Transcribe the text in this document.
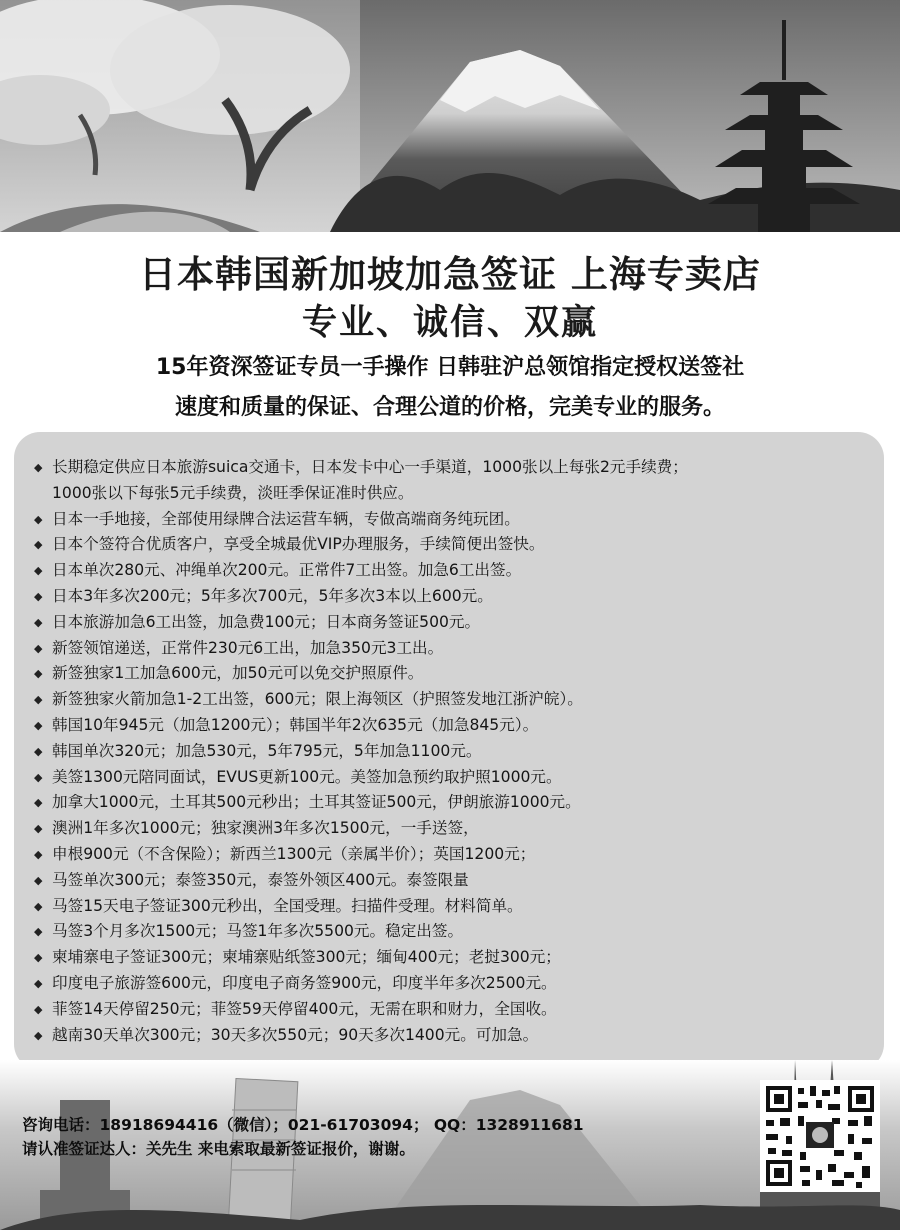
日本韩国新加坡加急签证 上海专卖店
专业、诚信、双赢
15年资深签证专员一手操作 日韩驻沪总领馆指定授权送签社
速度和质量的保证、合理公道的价格，完美专业的服务。
◆ 长期稳定供应日本旅游suica交通卡，日本发卡中心一手渠道，1000张以上每张2元手续费；
1000张以下每张5元手续费，淡旺季保证准时供应。
◆ 日本一手地接，全部使用绿牌合法运营车辆，专做高端商务纯玩团。
◆ 日本个签符合优质客户，享受全城最优VIP办理服务，手续简便出签快。
◆ 日本单次280元、冲绳单次200元。正常件7工出签。加急6工出签。
◆ 日本3年多次200元；5年多次700元，5年多次3本以上600元。
◆ 日本旅游加急6工出签，加急费100元；日本商务签证500元。
◆ 新签领馆递送，正常件230元6工出，加急350元3工出。
◆ 新签独家1工加急600元，加50元可以免交护照原件。
◆ 新签独家火箭加急1-2工出签，600元；限上海领区（护照签发地江浙沪皖）。
◆ 韩国10年945元（加急1200元）；韩国半年2次635元（加急845元）。
◆ 韩国单次320元；加急530元，5年795元，5年加急1100元。
◆ 美签1300元陪同面试，EVUS更新100元。美签加急预约取护照1000元。
◆ 加拿大1000元，土耳其500元秒出；土耳其签证500元，伊朗旅游1000元。
◆ 澳洲1年多次1000元；独家澳洲3年多次1500元，一手送签，
◆ 申根900元（不含保险）；新西兰1300元（亲属半价）；英国1200元；
◆ 马签单次300元；泰签350元，泰签外领区400元。泰签限量
◆ 马签15天电子签证300元秒出，全国受理。扫描件受理。材料简单。
◆ 马签3个月多次1500元；马签1年多次5500元。稳定出签。
◆ 柬埔寨电子签证300元；柬埔寨贴纸签300元；缅甸400元；老挝300元；
◆ 印度电子旅游签600元，印度电子商务签900元，印度半年多次2500元。
◆ 菲签14天停留250元；菲签59天停留400元，无需在职和财力，全国收。
◆ 越南30天单次300元；30天多次550元；90天多次1400元。可加急。
咨询电话：18918694416（微信）；021-61703094； QQ：1328911681
请认准签证达人：关先生 来电索取最新签证报价，谢谢。
